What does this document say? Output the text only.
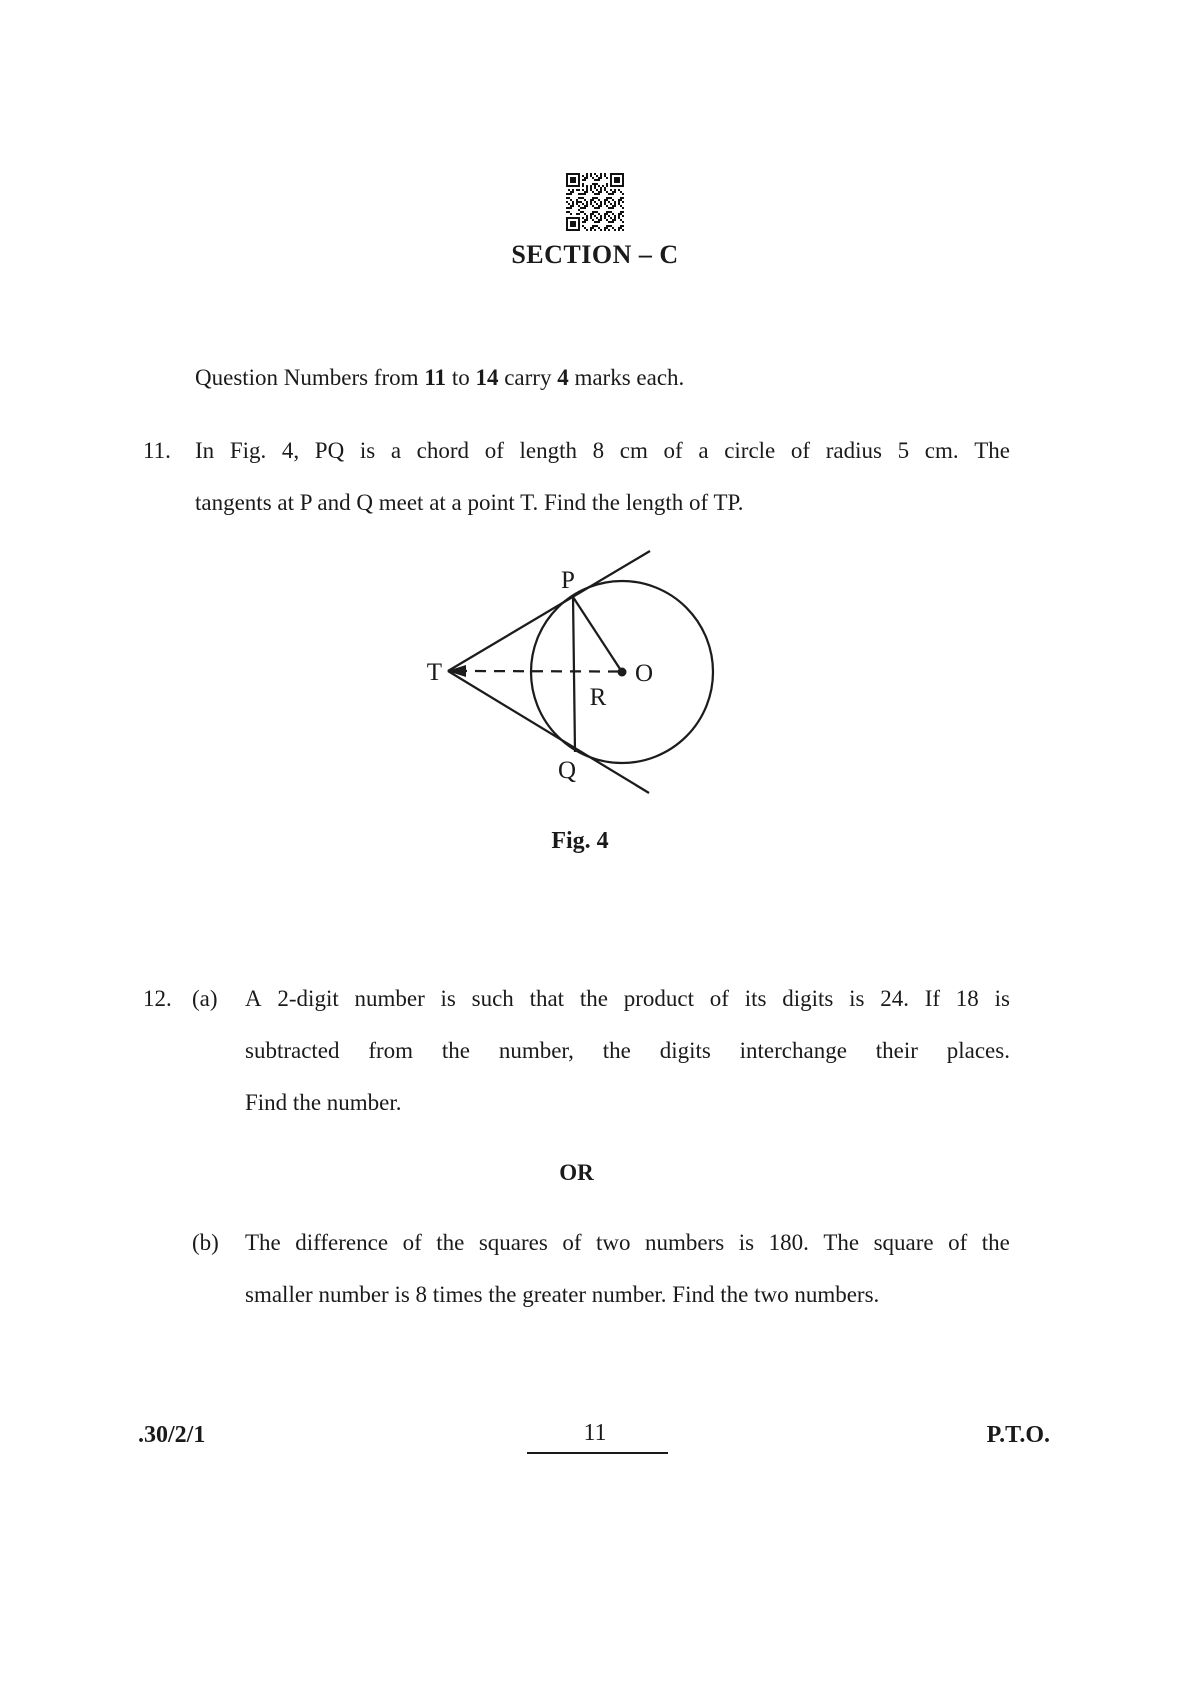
SECTION – C
Question Numbers from 11 to 14 carry 4 marks each.
11.	In Fig. 4, PQ is a chord of length 8 cm of a circle of radius 5 cm. The
tangents at P and Q meet at a point T. Find the length of TP.
T
P
Q
O
R
Fig. 4
12. (a)	A 2-digit number is such that the product of its digits is 24. If 18 is
subtracted from the number, the digits interchange their places.
Find the number.
OR
(b)	The difference of the squares of two numbers is 180. The square of the
smaller number is 8 times the greater number. Find the two numbers.
.30/2/1	11	P.T.O.
